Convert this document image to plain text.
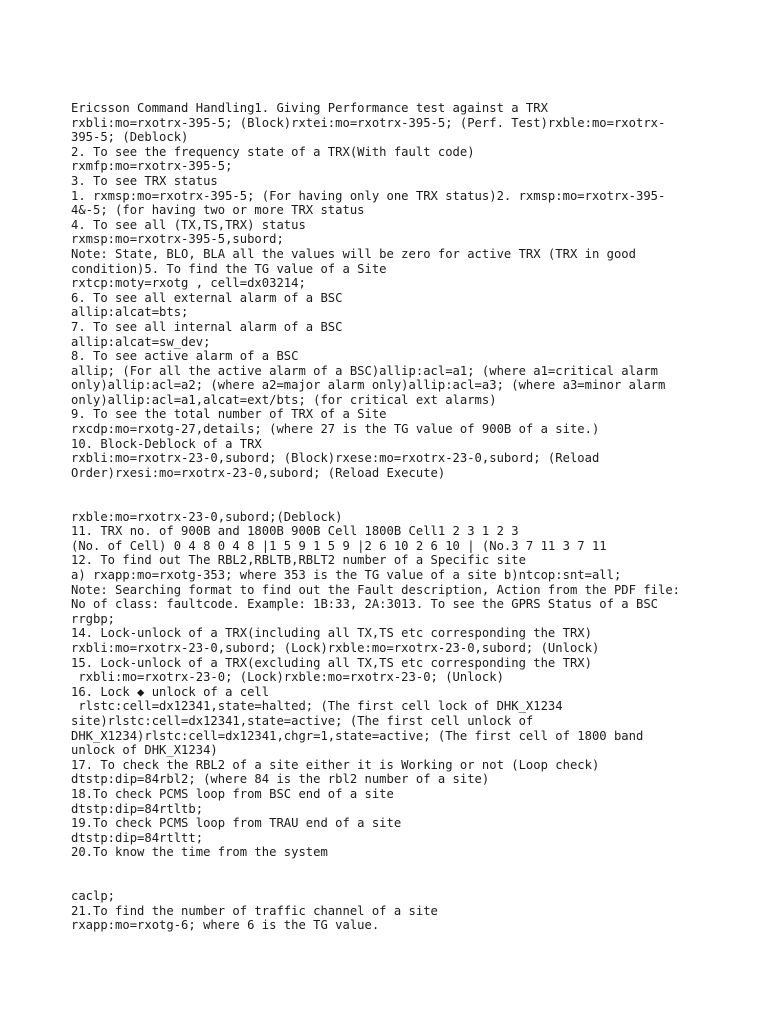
Ericsson Command Handling1. Giving Performance test against a TRX
rxbli:mo=rxotrx-395-5; (Block)rxtei:mo=rxotrx-395-5; (Perf. Test)rxble:mo=rxotrx-
395-5; (Deblock)
2. To see the frequency state of a TRX(With fault code)
rxmfp:mo=rxotrx-395-5;
3. To see TRX status
1. rxmsp:mo=rxotrx-395-5; (For having only one TRX status)2. rxmsp:mo=rxotrx-395-
4&-5; (for having two or more TRX status
4. To see all (TX,TS,TRX) status
rxmsp:mo=rxotrx-395-5,subord;
Note: State, BLO, BLA all the values will be zero for active TRX (TRX in good
condition)5. To find the TG value of a Site
rxtcp:moty=rxotg , cell=dx03214;
6. To see all external alarm of a BSC
allip:alcat=bts;
7. To see all internal alarm of a BSC
allip:alcat=sw_dev;
8. To see active alarm of a BSC
allip; (For all the active alarm of a BSC)allip:acl=a1; (where a1=critical alarm
only)allip:acl=a2; (where a2=major alarm only)allip:acl=a3; (where a3=minor alarm
only)allip:acl=a1,alcat=ext/bts; (for critical ext alarms)
9. To see the total number of TRX of a Site
rxcdp:mo=rxotg-27,details; (where 27 is the TG value of 900B of a site.)
10. Block-Deblock of a TRX
rxbli:mo=rxotrx-23-0,subord; (Block)rxese:mo=rxotrx-23-0,subord; (Reload
Order)rxesi:mo=rxotrx-23-0,subord; (Reload Execute)
rxble:mo=rxotrx-23-0,subord;(Deblock)
11. TRX no. of 900B and 1800B 900B Cell 1800B Cell1 2 3 1 2 3
(No. of Cell) 0 4 8 0 4 8 |1 5 9 1 5 9 |2 6 10 2 6 10 | (No.3 7 11 3 7 11
12. To find out The RBL2,RBLTB,RBLT2 number of a Specific site
a) rxapp:mo=rxotg-353; where 353 is the TG value of a site b)ntcop:snt=all;
Note: Searching format to find out the Fault description, Action from the PDF file:
No of class: faultcode. Example: 1B:33, 2A:3013. To see the GPRS Status of a BSC
rrgbp;
14. Lock-unlock of a TRX(including all TX,TS etc corresponding the TRX)
rxbli:mo=rxotrx-23-0,subord; (Lock)rxble:mo=rxotrx-23-0,subord; (Unlock)
15. Lock-unlock of a TRX(excluding all TX,TS etc corresponding the TRX)
rxbli:mo=rxotrx-23-0; (Lock)rxble:mo=rxotrx-23-0; (Unlock)
16. Lock ◆ unlock of a cell
rlstc:cell=dx12341,state=halted; (The first cell lock of DHK_X1234
site)rlstc:cell=dx12341,state=active; (The first cell unlock of
DHK_X1234)rlstc:cell=dx12341,chgr=1,state=active; (The first cell of 1800 band
unlock of DHK_X1234)
17. To check the RBL2 of a site either it is Working or not (Loop check)
dtstp:dip=84rbl2; (where 84 is the rbl2 number of a site)
18.To check PCMS loop from BSC end of a site
dtstp:dip=84rtltb;
19.To check PCMS loop from TRAU end of a site
dtstp:dip=84rtltt;
20.To know the time from the system
caclp;
21.To find the number of traffic channel of a site
rxapp:mo=rxotg-6; where 6 is the TG value.
